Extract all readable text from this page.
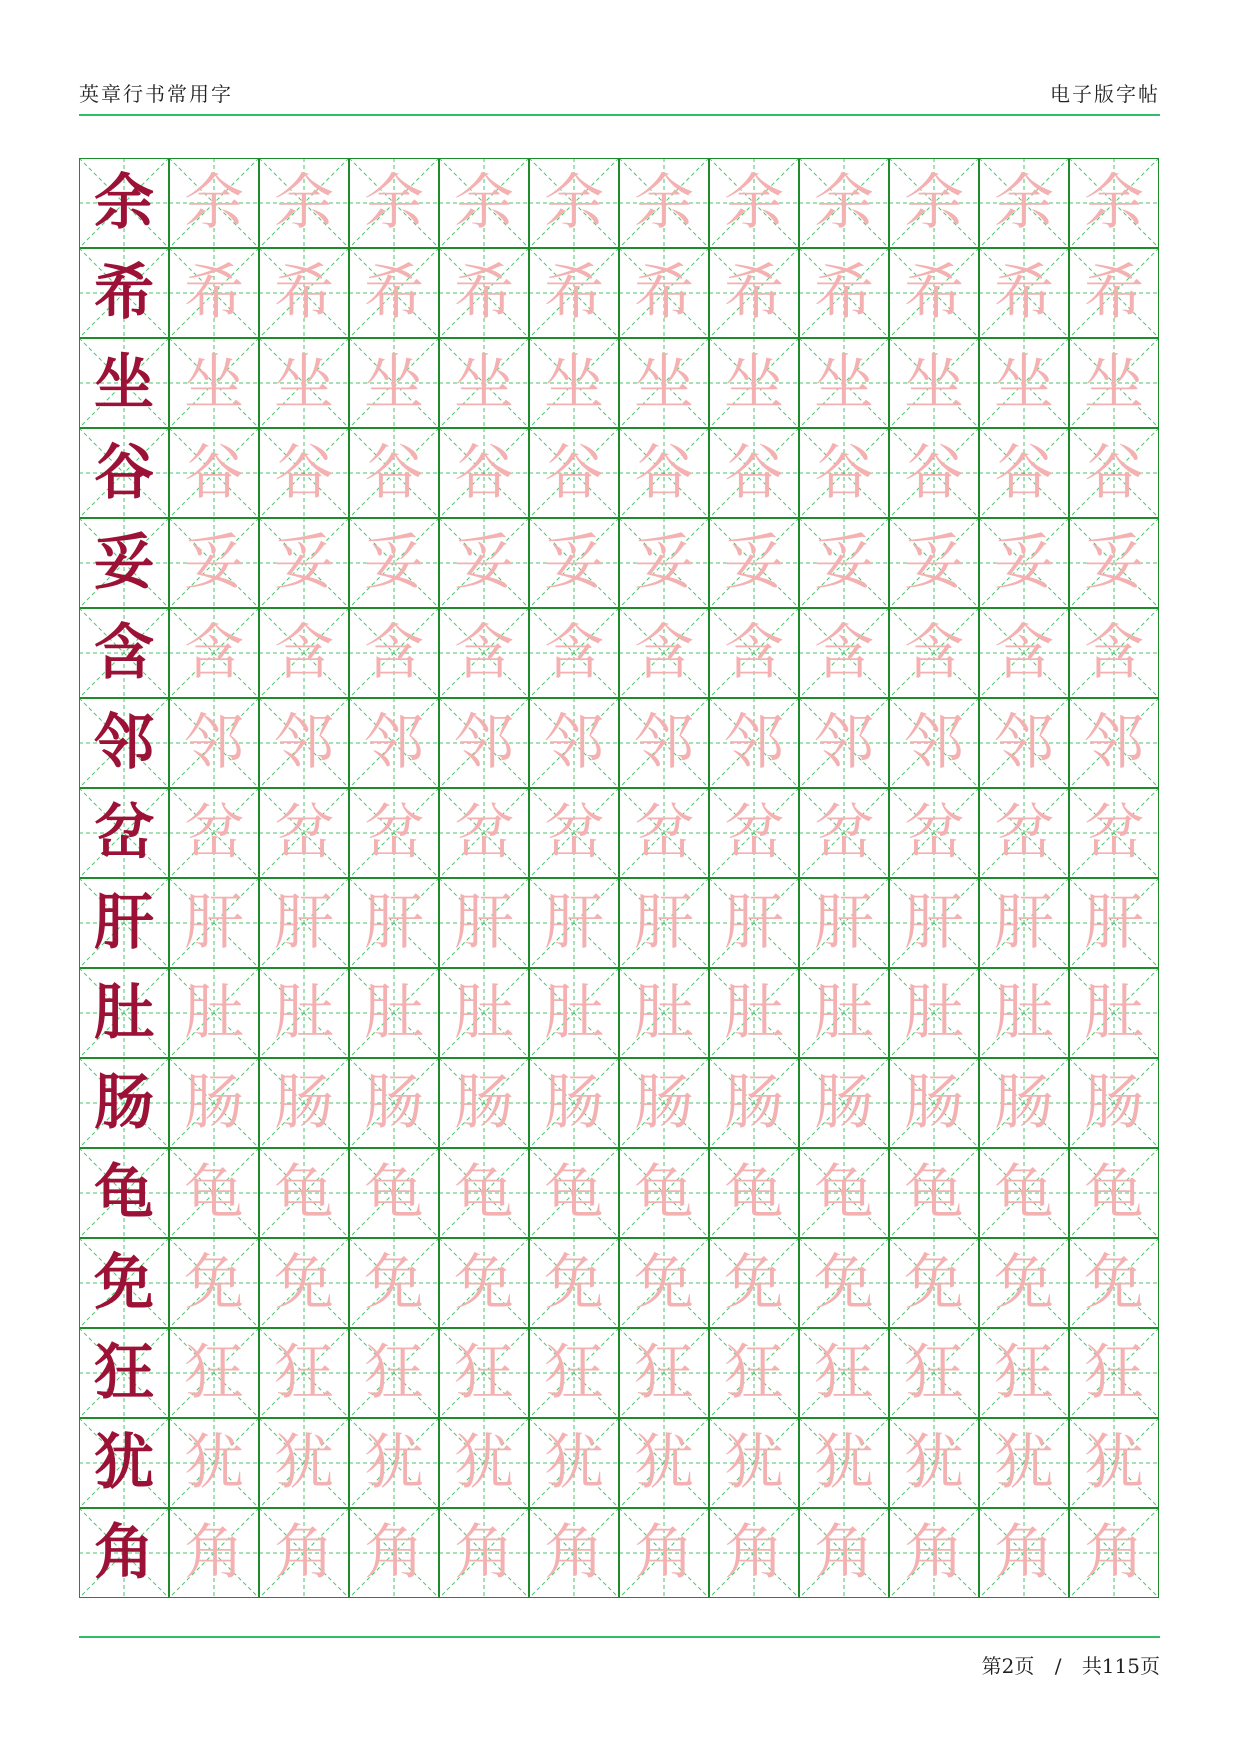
英章行书常用字	电子版字帖
余 余 余 余 余 余 余 余 余 余 余 余
希 希 希 希 希 希 希 希 希 希 希 希
坐 坐 坐 坐 坐 坐 坐 坐 坐 坐 坐 坐
谷 谷 谷 谷 谷 谷 谷 谷 谷 谷 谷 谷
妥 妥 妥 妥 妥 妥 妥 妥 妥 妥 妥 妥
含 含 含 含 含 含 含 含 含 含 含 含
邻 邻 邻 邻 邻 邻 邻 邻 邻 邻 邻 邻
岔 岔 岔 岔 岔 岔 岔 岔 岔 岔 岔 岔
肝 肝 肝 肝 肝 肝 肝 肝 肝 肝 肝 肝
肚 肚 肚 肚 肚 肚 肚 肚 肚 肚 肚 肚
肠 肠 肠 肠 肠 肠 肠 肠 肠 肠 肠 肠
龟 龟 龟 龟 龟 龟 龟 龟 龟 龟 龟 龟
免 免 免 免 免 免 免 免 免 免 免 免
狂 狂 狂 狂 狂 狂 狂 狂 狂 狂 狂 狂
犹 犹 犹 犹 犹 犹 犹 犹 犹 犹 犹 犹
角 角 角 角 角 角 角 角 角 角 角 角
第2页 / 共115页
